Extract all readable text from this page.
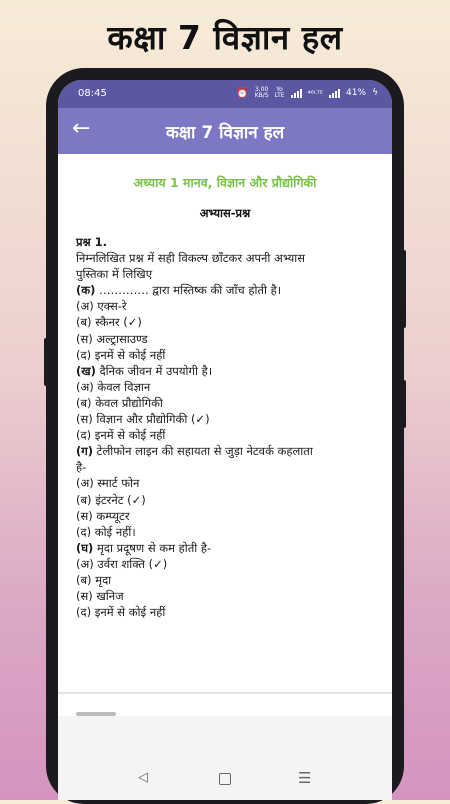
कक्षा 7 विज्ञान हल
08:45	⏰ 3.00
KB/S
Yo
LTE	⁴⁶ᴸᵀᴱ	41% ϟ
←	कक्षा 7 विज्ञान हल
अध्याय 1 मानव, विज्ञान और प्रौद्योगिकी
अभ्यास-प्रश्न
प्रश्न 1.
निम्नलिखित प्रश्न में सही विकल्प छाँटकर अपनी अभ्यास
पुस्तिका में लिखिए
(क) …………. द्वारा मस्तिष्क की जाँच होती है।
(अ) एक्स-रे
(ब) स्कैनर (✓)
(स) अल्ट्रासाउण्ड
(द) इनमें से कोई नहीं
(ख) दैनिक जीवन में उपयोगी है।
(अ) केवल विज्ञान
(ब) केवल प्रौद्योगिकी
(स) विज्ञान और प्रौद्योगिकी (✓)
(द) इनमें से कोई नहीं
(ग) टेलीफोन लाइन की सहायता से जुड़ा नेटवर्क कहलाता
है-
(अ) स्मार्ट फोन
(ब) इंटरनेट (✓)
(स) कम्प्यूटर
(द) कोई नहीं।
(घ) मृदा प्रदूषण से कम होती है-
(अ) उर्वरा शक्ति (✓)
(ब) मृदा
(स) खनिज
(द) इनमें से कोई नहीं
◁	☰
